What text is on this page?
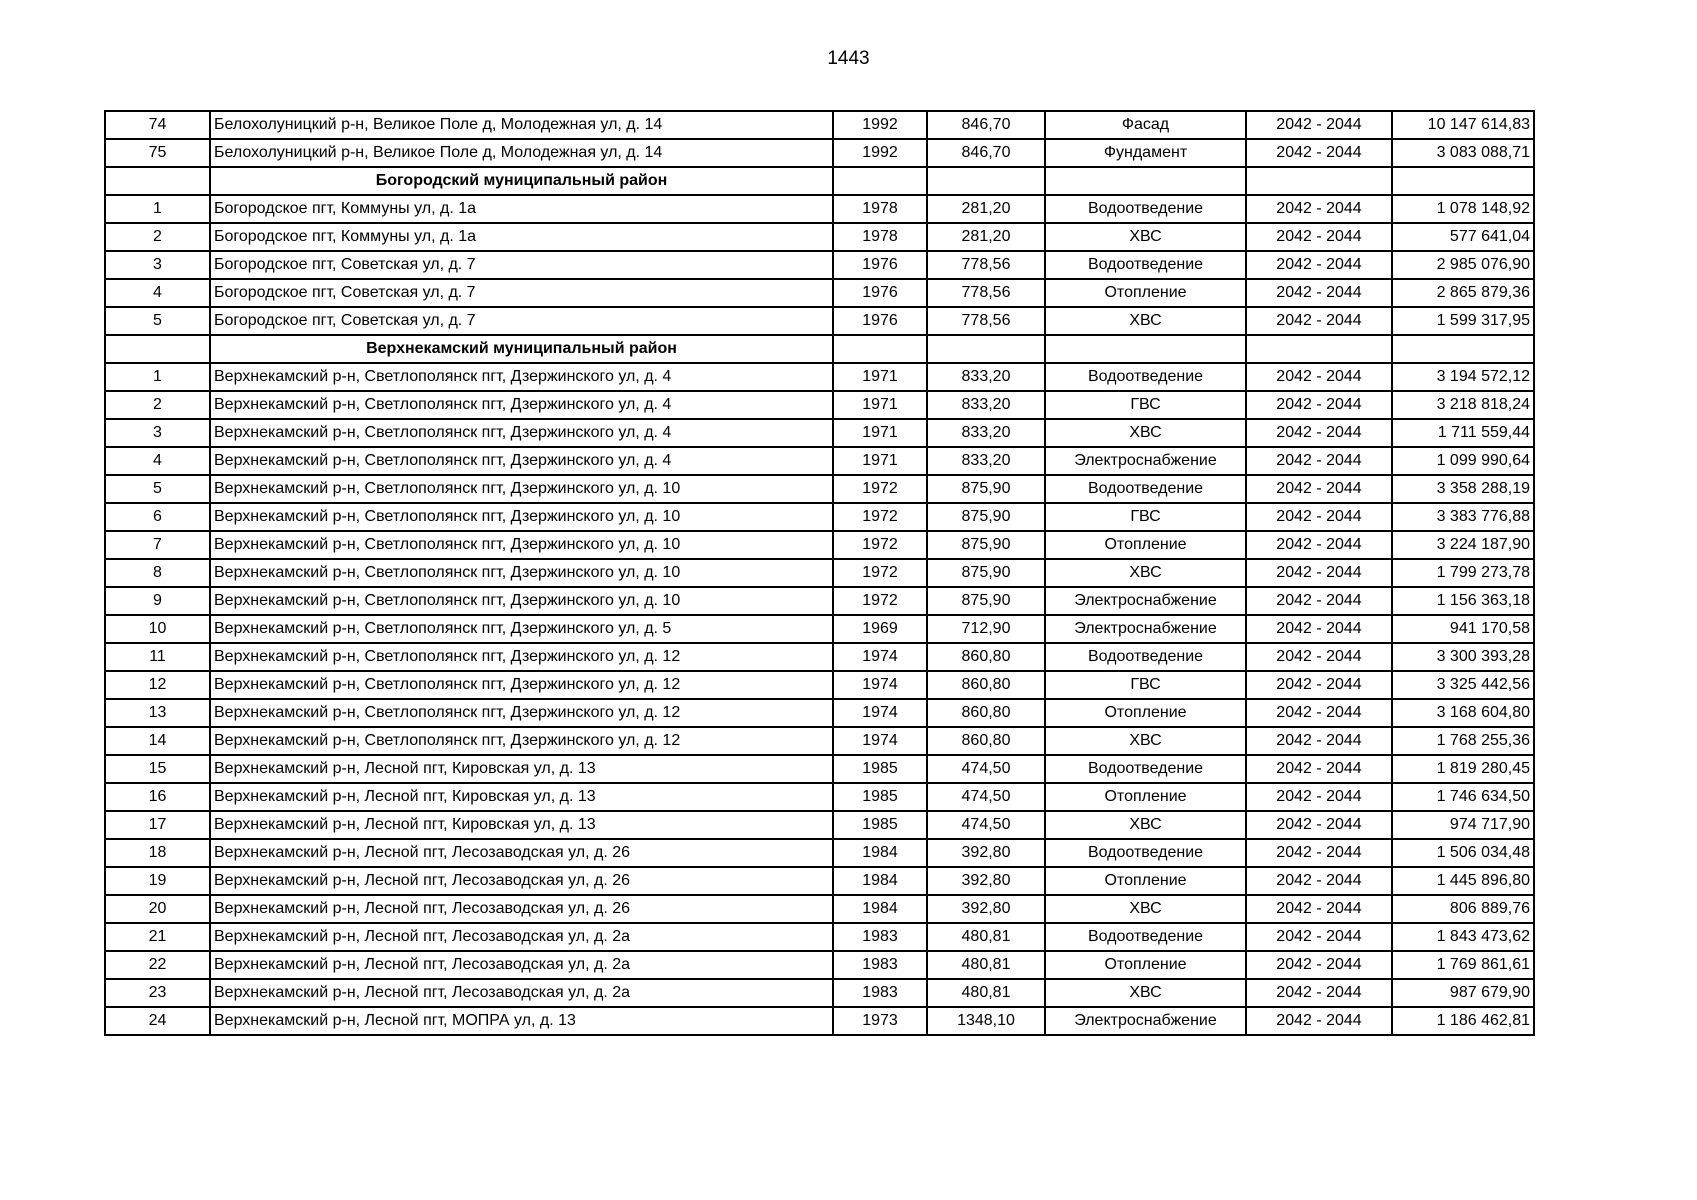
1443
74	Белохолуницкий р-н, Великое Поле д, Молодежная ул, д. 14	1992	846,70	Фасад	2042 - 2044	10 147 614,83
75	Белохолуницкий р-н, Великое Поле д, Молодежная ул, д. 14	1992	846,70	Фундамент	2042 - 2044	3 083 088,71
	Богородский муниципальный район					
1	Богородское пгт, Коммуны ул, д. 1а	1978	281,20	Водоотведение	2042 - 2044	1 078 148,92
2	Богородское пгт, Коммуны ул, д. 1а	1978	281,20	ХВС	2042 - 2044	577 641,04
3	Богородское пгт, Советская ул, д. 7	1976	778,56	Водоотведение	2042 - 2044	2 985 076,90
4	Богородское пгт, Советская ул, д. 7	1976	778,56	Отопление	2042 - 2044	2 865 879,36
5	Богородское пгт, Советская ул, д. 7	1976	778,56	ХВС	2042 - 2044	1 599 317,95
	Верхнекамский муниципальный район					
1	Верхнекамский р-н, Светлополянск пгт, Дзержинского ул, д. 4	1971	833,20	Водоотведение	2042 - 2044	3 194 572,12
2	Верхнекамский р-н, Светлополянск пгт, Дзержинского ул, д. 4	1971	833,20	ГВС	2042 - 2044	3 218 818,24
3	Верхнекамский р-н, Светлополянск пгт, Дзержинского ул, д. 4	1971	833,20	ХВС	2042 - 2044	1 711 559,44
4	Верхнекамский р-н, Светлополянск пгт, Дзержинского ул, д. 4	1971	833,20	Электроснабжение	2042 - 2044	1 099 990,64
5	Верхнекамский р-н, Светлополянск пгт, Дзержинского ул, д. 10	1972	875,90	Водоотведение	2042 - 2044	3 358 288,19
6	Верхнекамский р-н, Светлополянск пгт, Дзержинского ул, д. 10	1972	875,90	ГВС	2042 - 2044	3 383 776,88
7	Верхнекамский р-н, Светлополянск пгт, Дзержинского ул, д. 10	1972	875,90	Отопление	2042 - 2044	3 224 187,90
8	Верхнекамский р-н, Светлополянск пгт, Дзержинского ул, д. 10	1972	875,90	ХВС	2042 - 2044	1 799 273,78
9	Верхнекамский р-н, Светлополянск пгт, Дзержинского ул, д. 10	1972	875,90	Электроснабжение	2042 - 2044	1 156 363,18
10	Верхнекамский р-н, Светлополянск пгт, Дзержинского ул, д. 5	1969	712,90	Электроснабжение	2042 - 2044	941 170,58
11	Верхнекамский р-н, Светлополянск пгт, Дзержинского ул, д. 12	1974	860,80	Водоотведение	2042 - 2044	3 300 393,28
12	Верхнекамский р-н, Светлополянск пгт, Дзержинского ул, д. 12	1974	860,80	ГВС	2042 - 2044	3 325 442,56
13	Верхнекамский р-н, Светлополянск пгт, Дзержинского ул, д. 12	1974	860,80	Отопление	2042 - 2044	3 168 604,80
14	Верхнекамский р-н, Светлополянск пгт, Дзержинского ул, д. 12	1974	860,80	ХВС	2042 - 2044	1 768 255,36
15	Верхнекамский р-н, Лесной пгт, Кировская ул, д. 13	1985	474,50	Водоотведение	2042 - 2044	1 819 280,45
16	Верхнекамский р-н, Лесной пгт, Кировская ул, д. 13	1985	474,50	Отопление	2042 - 2044	1 746 634,50
17	Верхнекамский р-н, Лесной пгт, Кировская ул, д. 13	1985	474,50	ХВС	2042 - 2044	974 717,90
18	Верхнекамский р-н, Лесной пгт, Лесозаводская ул, д. 26	1984	392,80	Водоотведение	2042 - 2044	1 506 034,48
19	Верхнекамский р-н, Лесной пгт, Лесозаводская ул, д. 26	1984	392,80	Отопление	2042 - 2044	1 445 896,80
20	Верхнекамский р-н, Лесной пгт, Лесозаводская ул, д. 26	1984	392,80	ХВС	2042 - 2044	806 889,76
21	Верхнекамский р-н, Лесной пгт, Лесозаводская ул, д. 2а	1983	480,81	Водоотведение	2042 - 2044	1 843 473,62
22	Верхнекамский р-н, Лесной пгт, Лесозаводская ул, д. 2а	1983	480,81	Отопление	2042 - 2044	1 769 861,61
23	Верхнекамский р-н, Лесной пгт, Лесозаводская ул, д. 2а	1983	480,81	ХВС	2042 - 2044	987 679,90
24	Верхнекамский р-н, Лесной пгт, МОПРА ул, д. 13	1973	1348,10	Электроснабжение	2042 - 2044	1 186 462,81
